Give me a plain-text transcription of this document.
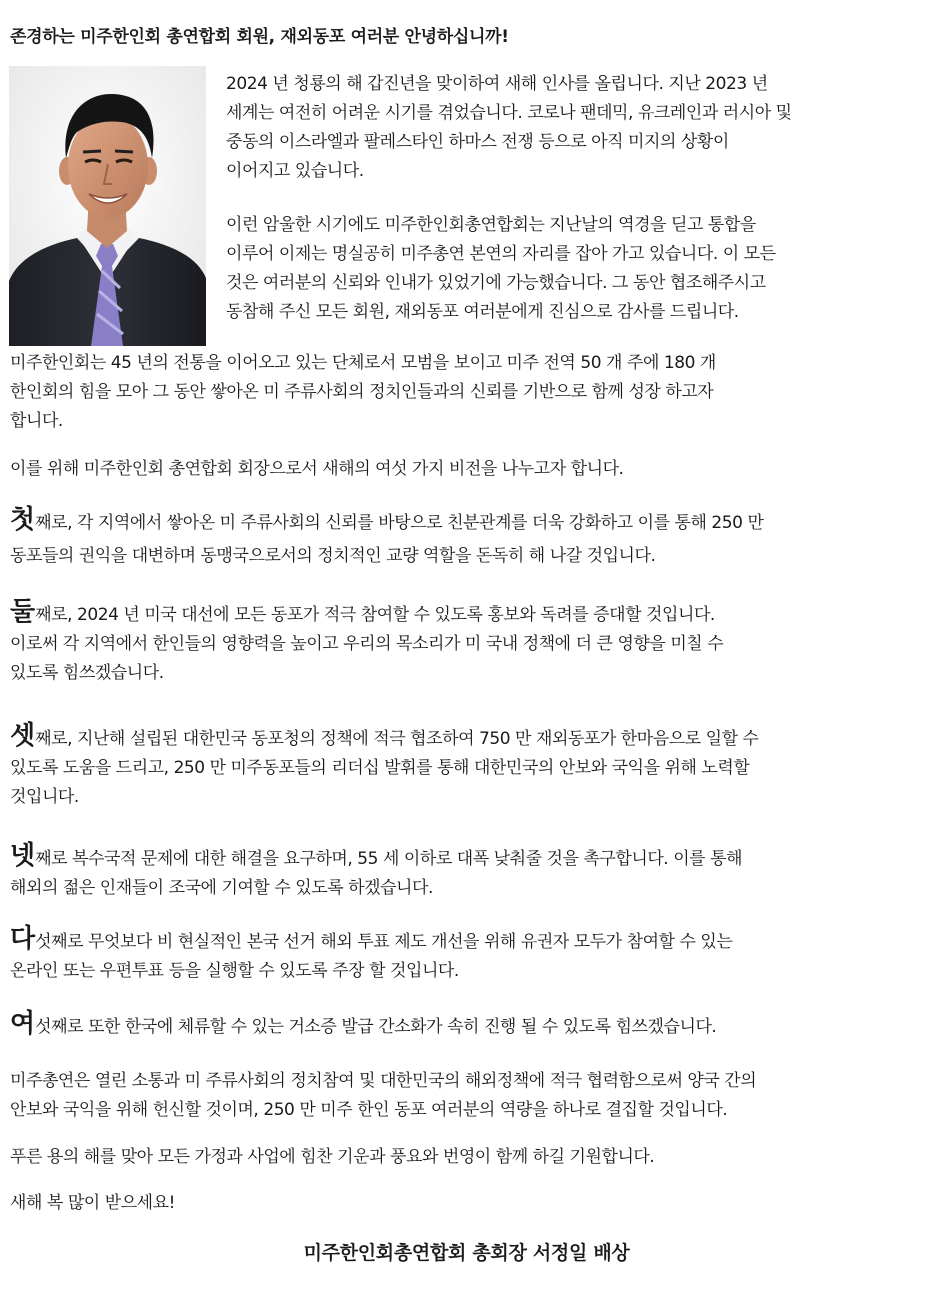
존경하는 미주한인회 총연합회 회원, 재외동포 여러분 안녕하십니까!
2024 년 청룡의 해 갑진년을 맞이하여 새해 인사를 올립니다. 지난 2023 년
세계는 여전히 어려운 시기를 겪었습니다. 코로나 팬데믹, 유크레인과 러시아 및
중동의 이스라엘과 팔레스타인 하마스 전쟁 등으로 아직 미지의 상황이
이어지고 있습니다.
이런 암울한 시기에도 미주한인회총연합회는 지난날의 역경을 딛고 통합을
이루어 이제는 명실공히 미주총연 본연의 자리를 잡아 가고 있습니다. 이 모든
것은 여러분의 신뢰와 인내가 있었기에 가능했습니다. 그 동안 협조해주시고
동참해 주신 모든 회원, 재외동포 여러분에게 진심으로 감사를 드립니다.
미주한인회는 45 년의 전통을 이어오고 있는 단체로서 모범을 보이고 미주 전역 50 개 주에 180 개
한인회의 힘을 모아 그 동안 쌓아온 미 주류사회의 정치인들과의 신뢰를 기반으로 함께 성장 하고자
합니다.
이를 위해 미주한인회 총연합회 회장으로서 새해의 여섯 가지 비전을 나누고자 합니다.
첫째로, 각 지역에서 쌓아온 미 주류사회의 신뢰를 바탕으로 친분관계를 더욱 강화하고 이를 통해 250 만
동포들의 권익을 대변하며 동맹국으로서의 정치적인 교량 역할을 돈독히 해 나갈 것입니다.
둘째로, 2024 년 미국 대선에 모든 동포가 적극 참여할 수 있도록 홍보와 독려를 증대할 것입니다.
이로써 각 지역에서 한인들의 영향력을 높이고 우리의 목소리가 미 국내 정책에 더 큰 영향을 미칠 수
있도록 힘쓰겠습니다.
셋째로, 지난해 설립된 대한민국 동포청의 정책에 적극 협조하여 750 만 재외동포가 한마음으로 일할 수
있도록 도움을 드리고, 250 만 미주동포들의 리더십 발휘를 통해 대한민국의 안보와 국익을 위해 노력할
것입니다.
넷째로 복수국적 문제에 대한 해결을 요구하며, 55 세 이하로 대폭 낮춰줄 것을 촉구합니다. 이를 통해
해외의 젊은 인재들이 조국에 기여할 수 있도록 하겠습니다.
다섯째로 무엇보다 비 현실적인 본국 선거 해외 투표 제도 개선을 위해 유권자 모두가 참여할 수 있는
온라인 또는 우편투표 등을 실행할 수 있도록 주장 할 것입니다.
여섯째로 또한 한국에 체류할 수 있는 거소증 발급 간소화가 속히 진행 될 수 있도록 힘쓰겠습니다.
미주총연은 열린 소통과 미 주류사회의 정치참여 및 대한민국의 해외정책에 적극 협력함으로써 양국 간의
안보와 국익을 위해 헌신할 것이며, 250 만 미주 한인 동포 여러분의 역량을 하나로 결집할 것입니다.
푸른 용의 해를 맞아 모든 가정과 사업에 힘찬 기운과 풍요와 번영이 함께 하길 기원합니다.
새해 복 많이 받으세요!
미주한인회총연합회 총회장 서정일 배상
